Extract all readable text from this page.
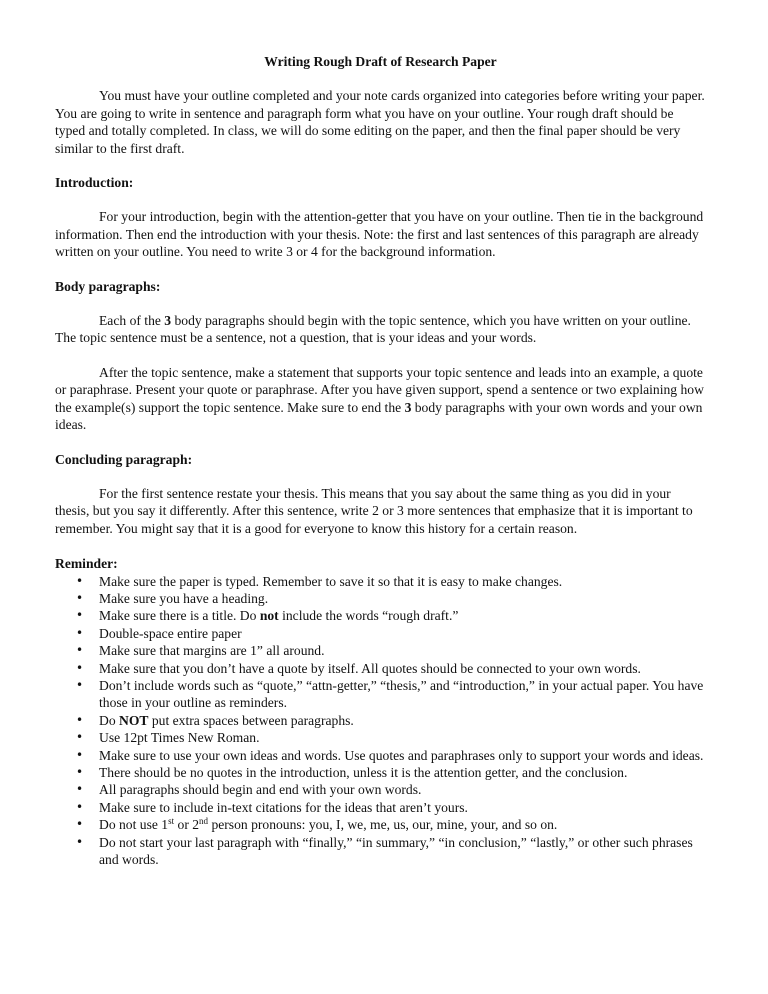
Writing Rough Draft of Research Paper

You must have your outline completed and your note cards organized into categories before writing your paper. You are going to write in sentence and paragraph form what you have on your outline. Your rough draft should be typed and totally completed. In class, we will do some editing on the paper, and then the final paper should be very similar to the first draft.

Introduction:

For your introduction, begin with the attention-getter that you have on your outline. Then tie in the background information. Then end the introduction with your thesis. Note: the first and last sentences of this paragraph are already written on your outline. You need to write 3 or 4 for the background information.

Body paragraphs:

Each of the 3 body paragraphs should begin with the topic sentence, which you have written on your outline. The topic sentence must be a sentence, not a question, that is your ideas and your words.

After the topic sentence, make a statement that supports your topic sentence and leads into an example, a quote or paraphrase. Present your quote or paraphrase. After you have given support, spend a sentence or two explaining how the example(s) support the topic sentence. Make sure to end the 3 body paragraphs with your own words and your own ideas.

Concluding paragraph:

For the first sentence restate your thesis. This means that you say about the same thing as you did in your thesis, but you say it differently. After this sentence, write 2 or 3 more sentences that emphasize that it is important to remember. You might say that it is a good for everyone to know this history for a certain reason.

Reminder:
• Make sure the paper is typed. Remember to save it so that it is easy to make changes.
• Make sure you have a heading.
• Make sure there is a title. Do not include the words “rough draft.”
• Double-space entire paper
• Make sure that margins are 1” all around.
• Make sure that you don’t have a quote by itself. All quotes should be connected to your own words.
• Don’t include words such as “quote,” “attn-getter,” “thesis,” and “introduction,” in your actual paper. You have those in your outline as reminders.
• Do NOT put extra spaces between paragraphs.
• Use 12pt Times New Roman.
• Make sure to use your own ideas and words. Use quotes and paraphrases only to support your words and ideas.
• There should be no quotes in the introduction, unless it is the attention getter, and the conclusion.
• All paragraphs should begin and end with your own words.
• Make sure to include in-text citations for the ideas that aren’t yours.
• Do not use 1st or 2nd person pronouns: you, I, we, me, us, our, mine, your, and so on.
• Do not start your last paragraph with “finally,” “in summary,” “in conclusion,” “lastly,” or other such phrases and words.
